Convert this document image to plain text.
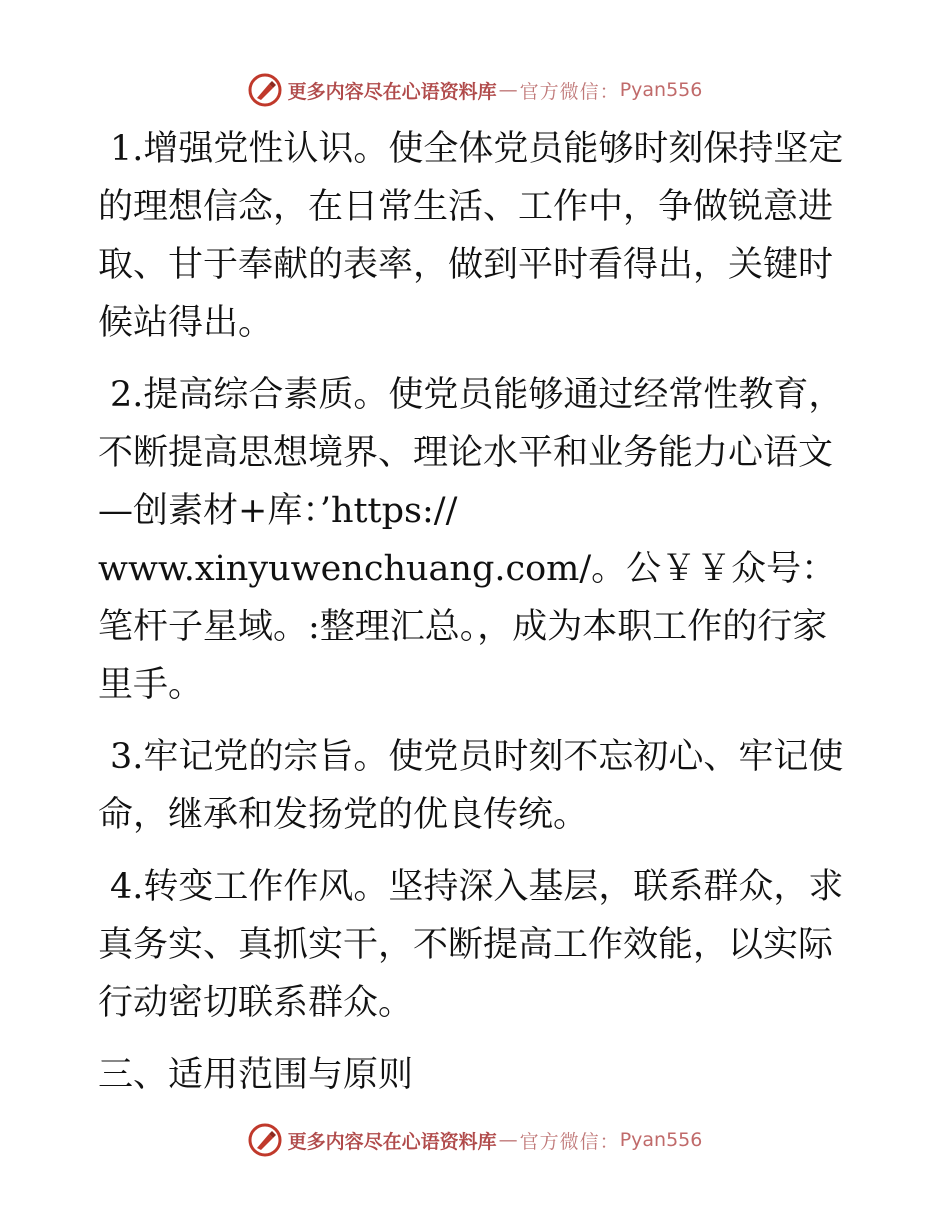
更多内容尽在心语资料库 — 官方微信： Pyan556

1.增强党性认识。使全体党员能够时刻保持坚定的理想信念，在日常生活、工作中，争做锐意进取、甘于奉献的表率，做到平时看得出，关键时候站得出。

2.提高综合素质。使党员能够通过经常性教育，不断提高思想境界、理论水平和业务能力心语文—创素材+库：’https://
www.xinyuwenchuang.com/。公￥￥众号：笔杆子星域。:整理汇总。，成为本职工作的行家里手。

3.牢记党的宗旨。使党员时刻不忘初心、牢记使命，继承和发扬党的优良传统。

4.转变工作作风。坚持深入基层，联系群众，求真务实、真抓实干，不断提高工作效能，以实际行动密切联系群众。

三、适用范围与原则

更多内容尽在心语资料库 — 官方微信： Pyan556
